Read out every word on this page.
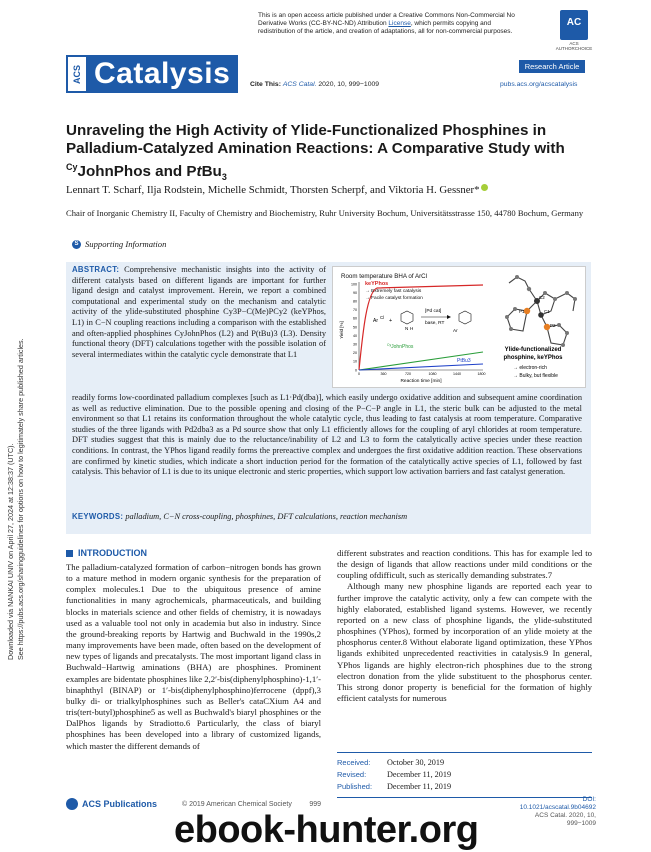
Downloaded via NANKAI UNIV on April 27, 2024 at 12:38:37 (UTC). See https://pubs.acs.org/sharingguidelines for options on how to legitimately share published articles.
This is an open access article published under a Creative Commons Non-Commercial No Derivative Works (CC-BY-NC-ND) Attribution License, which permits copying and redistribution of the article, and creation of adaptations, all for non-commercial purposes.
AC
ACS AUTHORCHOICE
ACS Catalysis	Research Article
Cite This: ACS Catal. 2020, 10, 999−1009	pubs.acs.org/acscatalysis
Unraveling the High Activity of Ylide-Functionalized Phosphines in Palladium-Catalyzed Amination Reactions: A Comparative Study with $^{Cy}$JohnPhos and PtBu$_3$
Lennart T. Scharf, Ilja Rodstein, Michelle Schmidt, Thorsten Scherpf, and Viktoria H. Gessner*
Chair of Inorganic Chemistry II, Faculty of Chemistry and Biochemistry, Ruhr University Bochum, Universitätsstrasse 150, 44780 Bochum, Germany
S Supporting Information
ABSTRACT: Comprehensive mechanistic insights into the activity of different catalysts based on different ligands are important for further ligand design and catalyst improvement. Herein, we report a combined computational and experimental study on the mechanism and catalytic activity of the ylide-substituted phosphine Cy3P−C(Me)PCy2 (keYPhos, L1) in C−N coupling reactions including a comparison with the established and often-applied phosphines CyJohnPhos (L2) and P(tBu)3 (L3). Density functional theory (DFT) calculations together with the possible isolation of several intermediates within the catalytic cycle demonstrate that L1
readily forms low-coordinated palladium complexes [such as L1·Pd(dba)], which easily undergo oxidative addition and subsequent amine coordination as well as reductive elimination. Due to the possible opening and closing of the P−C−P angle in L1, the steric bulk can be adjusted to the metal environment so that L1 retains its conformation throughout the whole catalytic cycle, thus leading to fast catalysis at room temperature. Comparative studies of the three ligands with Pd2dba3 as a Pd source show that only L1 efficiently allows for the coupling of aryl chlorides at room temperature. DFT studies suggest that this is mainly due to the reluctance/inability of L2 and L3 to form the catalytically active species under these reaction conditions. In contrast, the YPhos ligand readily forms the prereactive complex and undergoes the first oxidative addition reaction. These observations are confirmed by kinetic studies, which indicate a short induction period for the formation of the catalytically active species of L1, followed by fast catalysis. This behavior of L1 is due to its unique electronic and steric properties, which support low activation barriers and fast catalyst generation.
KEYWORDS: palladium, C−N cross-coupling, phosphines, DFT calculations, reaction mechanism
Room temperature BHA of ArCl
0
10
20
30
40
50
60
70
80
90
100
0	360	720	1080	1440	1800
Yield [%]
Reaction time [min]
keYPhos
→ Extremely fast catalysis
→ Facile catalyst formation
Ar
Cl
+
N H
[Pd cat]
base, RT
Ar
$^{Cy}$JohnPhos
PtBu3
C2
C1
P1
P2
Ylide-functionalized
phosphine, keYPhos
→ electron-rich
→ Bulky, but flexible
INTRODUCTION
The palladium-catalyzed formation of carbon−nitrogen bonds has grown to a mature method in modern organic synthesis for the preparation of complex molecules.1 Due to the ubiquitous presence of amine functionalities in many agrochemicals, pharmaceuticals, and building blocks in materials science and other fields of chemistry, it is nowadays used as a valuable tool not only in academia but also in industry. Since the ground-breaking reports by Hartwig and Buchwald in the 1990s,2 many improvements have been made, often based on the development of new types of ligands and precatalysts. The most important ligand class in Buchwald−Hartwig aminations (BHA) are phosphines. Prominent examples are bidentate phosphines like 2,2′-bis(diphenylphosphino)-1,1′-binaphthyl (BINAP) or 1′-bis(diphenylphosphino)ferrocene (dppf),3 bulky di- or trialkylphosphines such as Beller's cataCXium A4 and tris(tert-butyl)phosphine5 as well as Buchwald's biaryl phosphines or the DalPhos ligands by Stradiotto.6 Particularly, the class of biaryl phosphines has been developed into a library of customized ligands, which master the different demands of

different substrates and reaction conditions. This has for example led to the design of ligands that allow reactions under mild conditions or the coupling ofdifficult, such as sterically demanding substrates.7

Although many new phosphine ligands are reported each year to further improve the catalytic activity, only a few can compete with the highly elaborated, established ligand systems. However, we recently reported on a new class of phosphine ligands, the ylide-substituted phosphines (YPhos), formed by incorporation of an ylide moiety at the phosphorus center.8 Without elaborate ligand optimization, these YPhos ligands exhibited unprecedented reactivities in catalysis.9 In general, YPhos ligands are highly electron-rich phosphines due to the strong electron donation from the ylide substituent to the phosphorus center. This strong donor property is beneficial for the formation of highly efficient catalysts for numerous

Received: October 30, 2019
Revised:	December 11, 2019
Published: December 11, 2019
ACS Publications	© 2019 American Chemical Society	999
DOI: 10.1021/acscatal.9b04692
ACS Catal. 2020, 10, 999−1009
ebook-hunter.org
